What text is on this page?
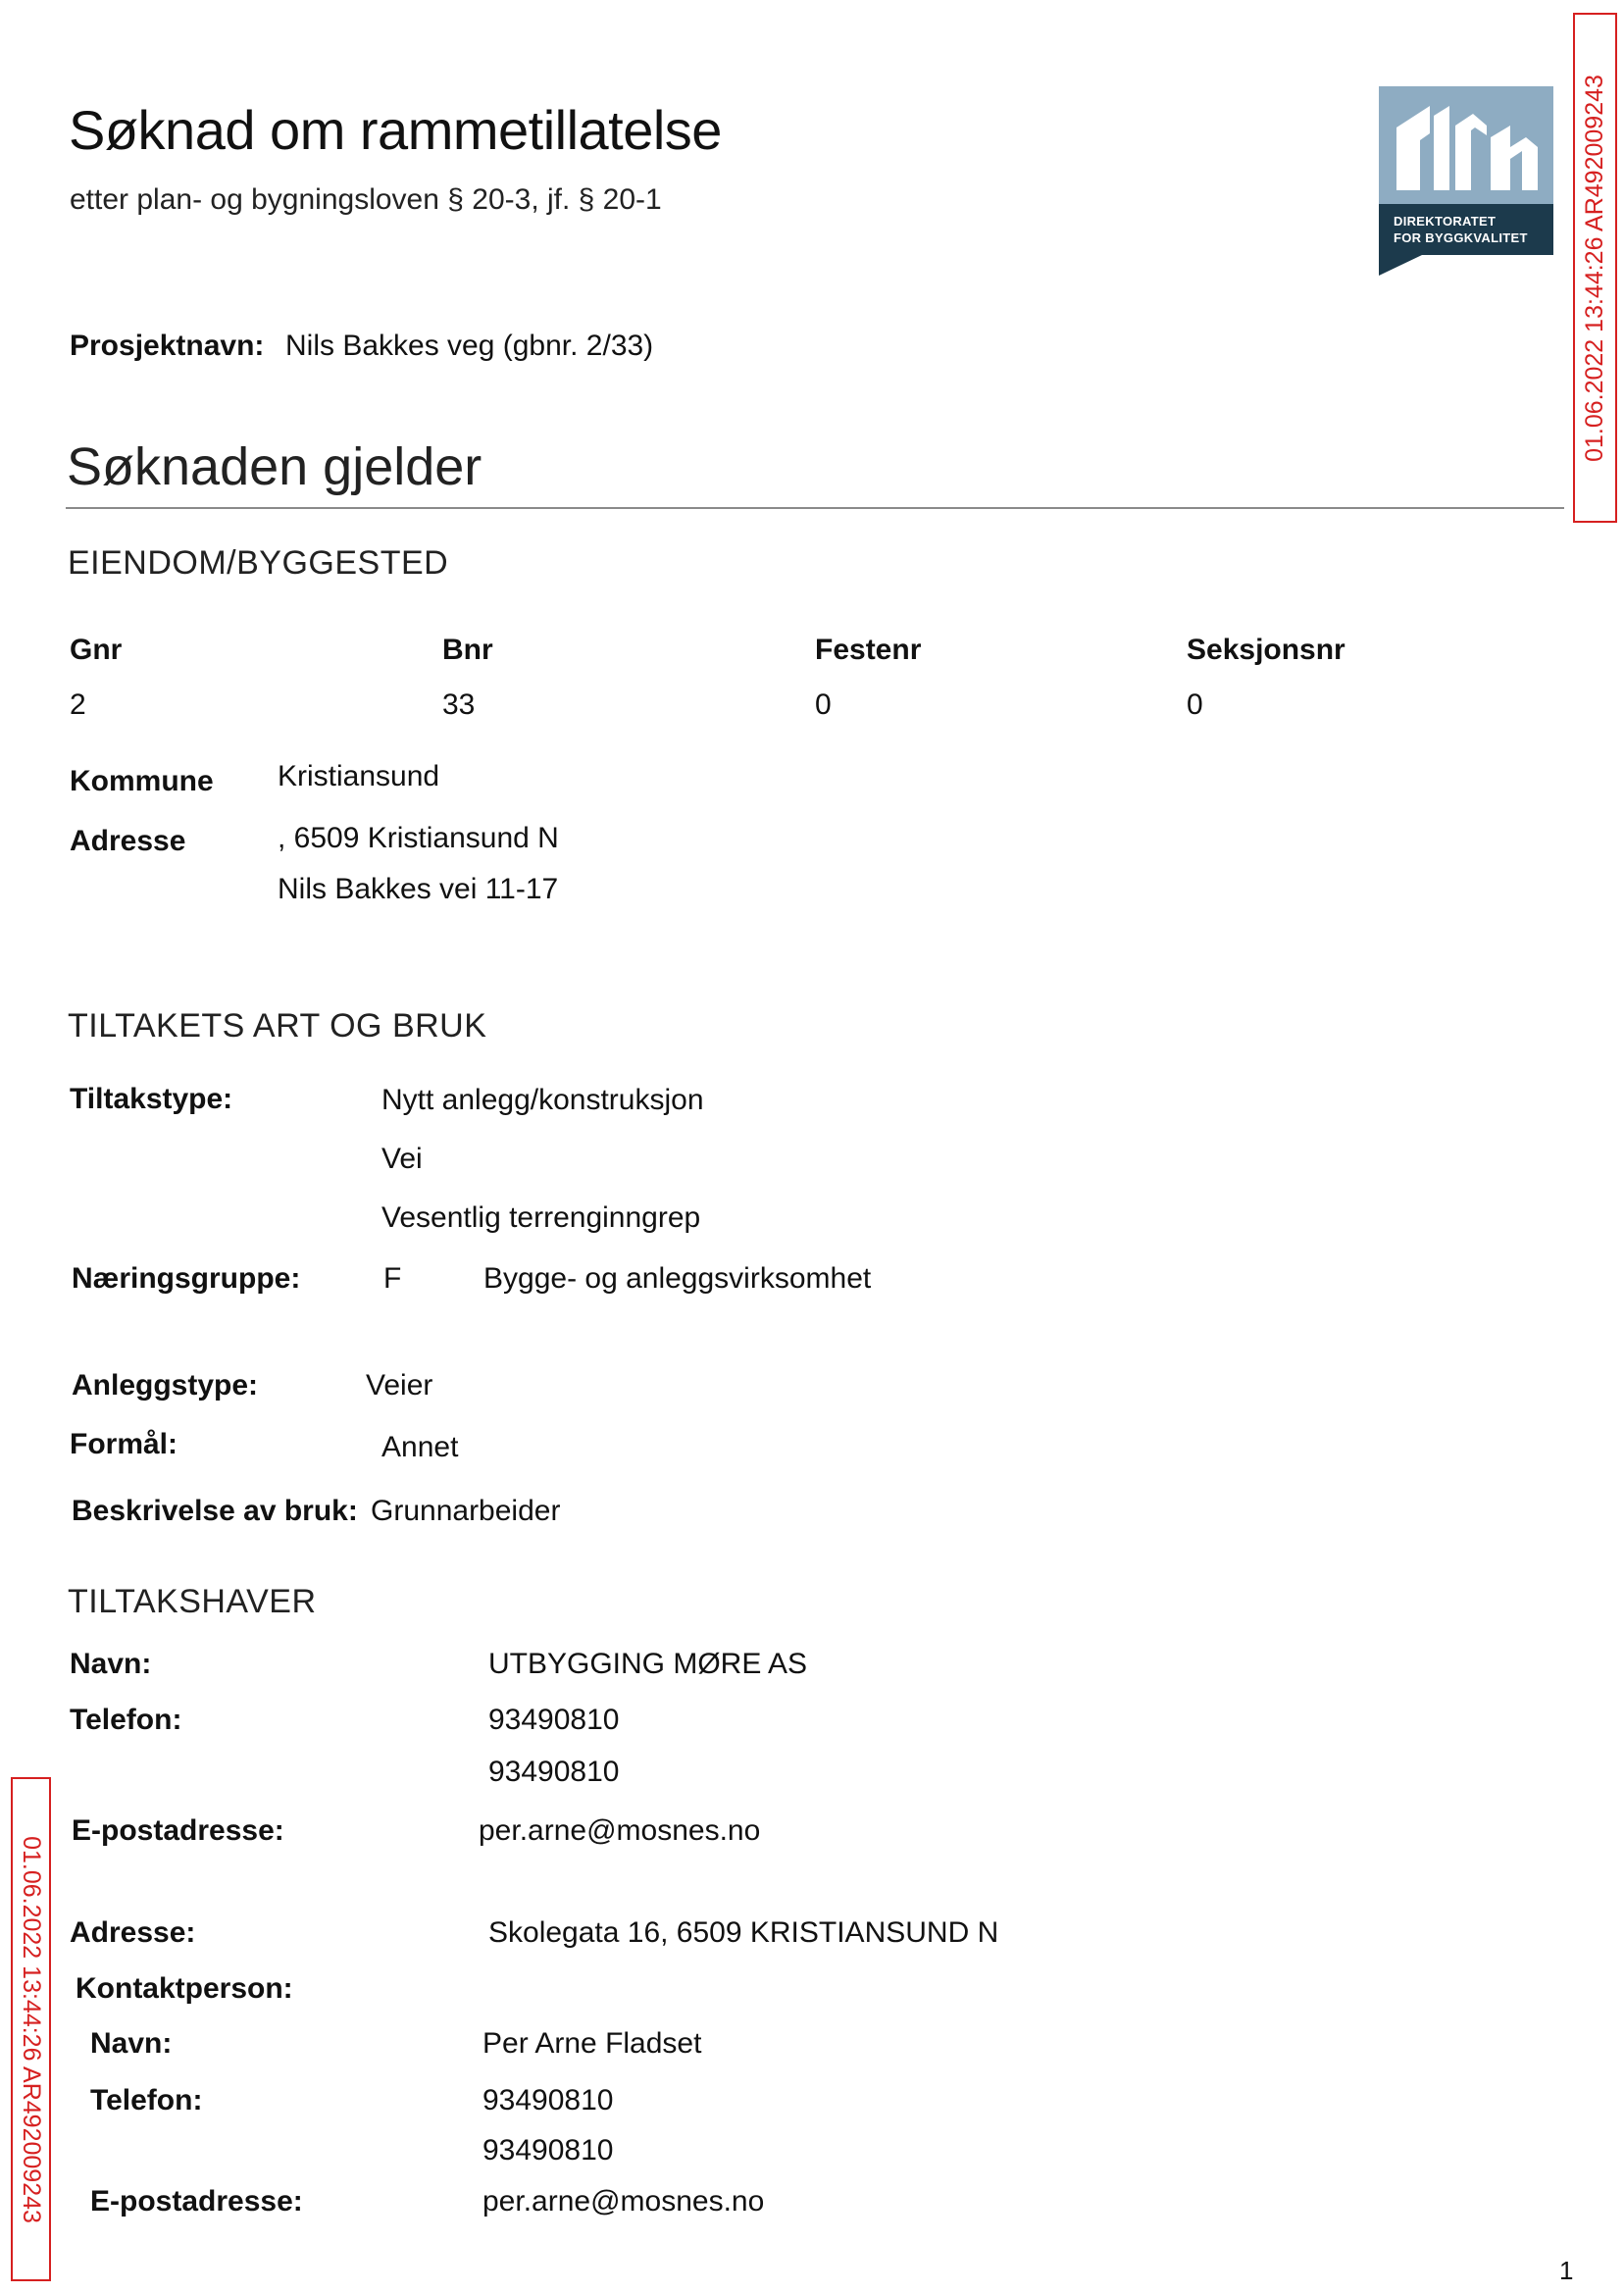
Søknad om rammetillatelse
etter plan- og bygningsloven § 20-3, jf. § 20-1
DIREKTORATET
FOR BYGGKVALITET	01.06.2022 13:44:26 AR492009243
01.06.2022 13:44:26 AR492009243
Prosjektnavn: Nils Bakkes veg (gbnr. 2/33)
Søknaden gjelder
EIENDOM/BYGGESTED
Gnr	Bnr	Festenr	Seksjonsnr
2	33	0	0
Kommune Kristiansund
Adresse	, 6509 Kristiansund N
Nils Bakkes vei 11-17
TILTAKETS ART OG BRUK
Tiltakstype:	Nytt anlegg/konstruksjon
Vei
Vesentlig terrenginngrep
Næringsgruppe:	F	Bygge- og anleggsvirksomhet
Anleggstype:	Veier
Formål:	Annet
Beskrivelse av bruk: Grunnarbeider
TILTAKSHAVER
Navn:	UTBYGGING MØRE AS
Telefon:	93490810
93490810
E-postadresse:	per.arne@mosnes.no
Adresse:	Skolegata 16, 6509 KRISTIANSUND N
Kontaktperson:
Navn:	Per Arne Fladset
Telefon:	93490810
93490810
E-postadresse:	per.arne@mosnes.no
1
